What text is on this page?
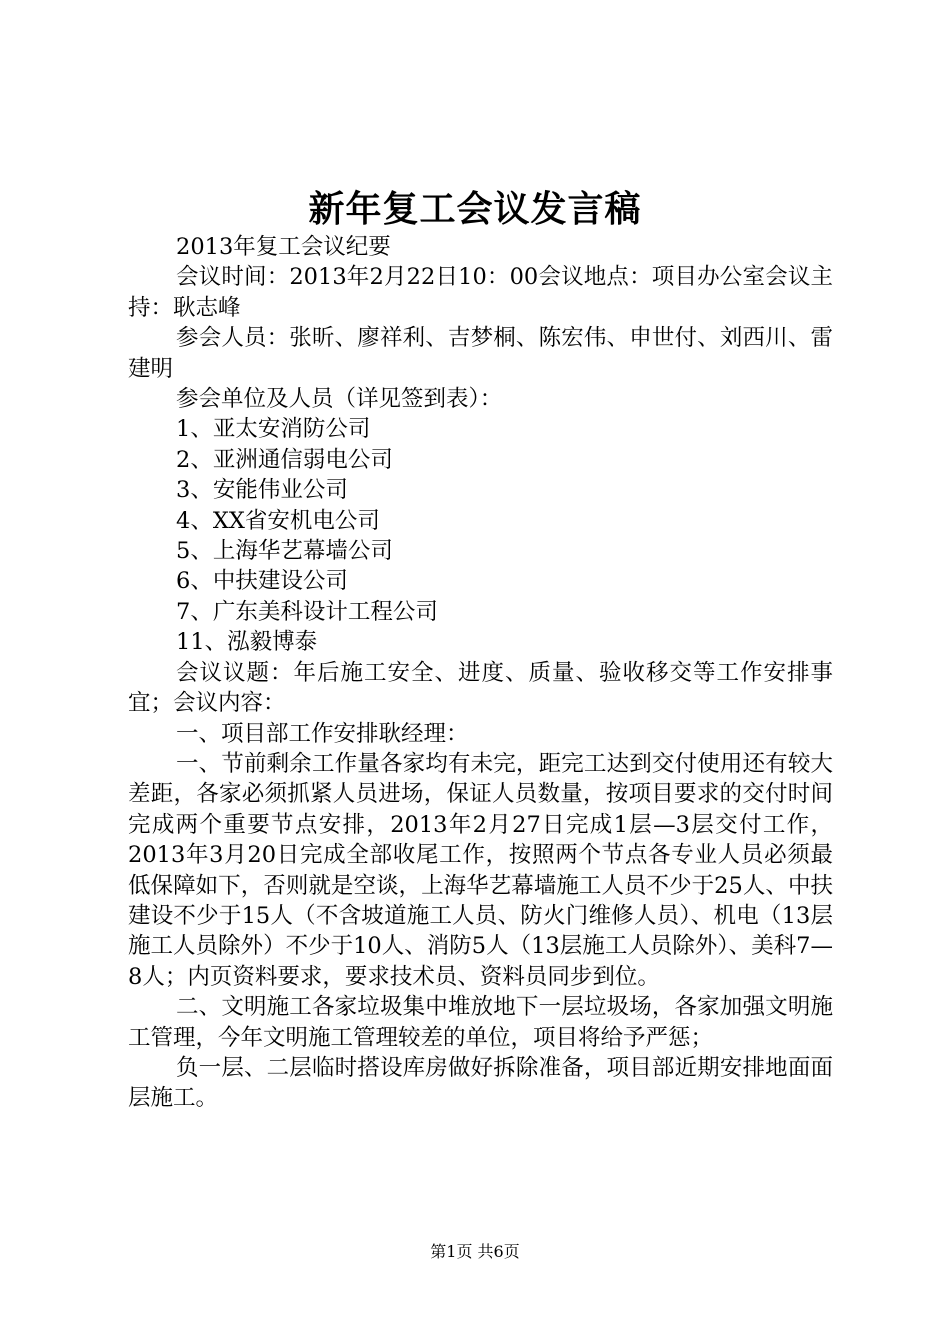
新年复工会议发言稿

2013年复工会议纪要

会议时间：2013年2月22日10：00会议地点：项目办公室会议主持：耿志峰

参会人员：张昕、廖祥利、吉梦桐、陈宏伟、申世付、刘西川、雷建明

参会单位及人员（详见签到表）：

1、亚太安消防公司

2、亚洲通信弱电公司

3、安能伟业公司

4、XX省安机电公司

5、上海华艺幕墙公司

6、中扶建设公司

7、广东美科设计工程公司

11、泓毅博泰

会议议题：年后施工安全、进度、质量、验收移交等工作安排事宜；会议内容：

一、项目部工作安排耿经理：

一、节前剩余工作量各家均有未完，距完工达到交付使用还有较大差距，各家必须抓紧人员进场，保证人员数量，按项目要求的交付时间完成两个重要节点安排，2013年2月27日完成1层—3层交付工作，2013年3月20日完成全部收尾工作，按照两个节点各专业人员必须最低保障如下，否则就是空谈，上海华艺幕墙施工人员不少于25人、中扶建设不少于15人（不含坡道施工人员、防火门维修人员）、机电（13层施工人员除外）不少于10人、消防5人（13层施工人员除外）、美科7—8人；内页资料要求，要求技术员、资料员同步到位。

二、文明施工各家垃圾集中堆放地下一层垃圾场，各家加强文明施工管理，今年文明施工管理较差的单位，项目将给予严惩；

负一层、二层临时搭设库房做好拆除准备，项目部近期安排地面面层施工。

第1页 共6页
